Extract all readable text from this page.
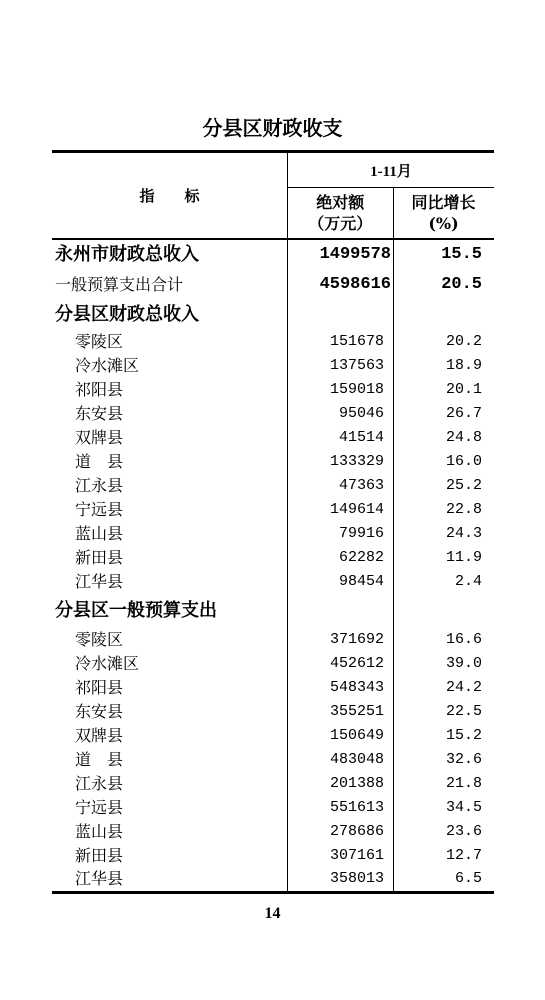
分县区财政收支
指　　标
1-11月
绝对额
（万元）
同比增长
(%)
永州市财政总收入	1499578	15.5
一般预算支出合计	4598616	20.5
分县区财政总收入
零陵区	151678	20.2
冷水滩区	137563	18.9
祁阳县	159018	20.1
东安县	95046	26.7
双牌县	41514	24.8
道　县	133329	16.0
江永县	47363	25.2
宁远县	149614	22.8
蓝山县	79916	24.3
新田县	62282	11.9
江华县	98454	2.4
分县区一般预算支出
零陵区	371692	16.6
冷水滩区	452612	39.0
祁阳县	548343	24.2
东安县	355251	22.5
双牌县	150649	15.2
道　县	483048	32.6
江永县	201388	21.8
宁远县	551613	34.5
蓝山县	278686	23.6
新田县	307161	12.7
江华县	358013	6.5
14
